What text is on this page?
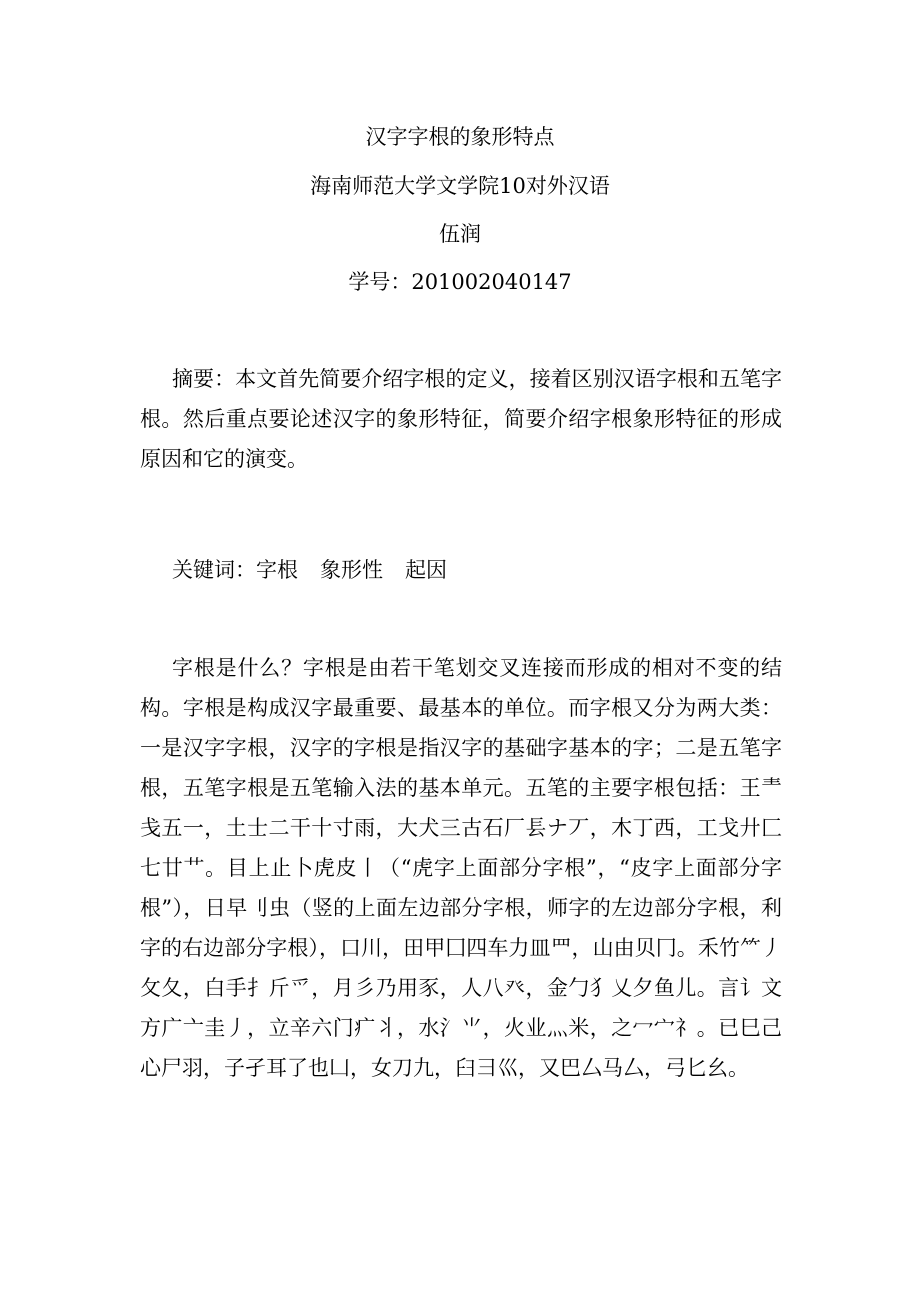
汉字字根的象形特点
海南师范大学文学院10对外汉语
伍润
学号：201002040147

摘要：本文首先简要介绍字根的定义，接着区别汉语字根和五笔字根。然后重点要论述汉字的象形特征，简要介绍字根象形特征的形成原因和它的演变。

关键词：字根 象形性 起因

字根是什么？字根是由若干笔划交叉连接而形成的相对不变的结构。字根是构成汉字最重要、最基本的单位。而字根又分为两大类：一是汉字字根，汉字的字根是指汉字的基础字基本的字；二是五笔字根，五笔字根是五笔输入法的基本单元。五笔的主要字根包括：王龶戋五一，土士二干十寸雨，大犬三古石厂镸ナ丆，木丁西，工戈廾匚七廿艹。目上止卜虎皮丨（“虎字上面部分字根”，“皮字上面部分字根”），日早刂虫（竖的上面左边部分字根，师字的左边部分字根，利字的右边部分字根），口川，田甲囗四车力皿罒，山由贝冂。禾竹⺮丿攵夂，白手扌斤爫，月彡乃用豕，人八癶，金勹犭乂夕鱼儿。言讠文方广亠圭丿，立辛六门疒丬，水氵⺌，火业灬米，之冖宀礻。已巳己心尸羽，子孑耳了也凵，女刀九，臼彐巛，又巴厶马厶，弓匕幺。
